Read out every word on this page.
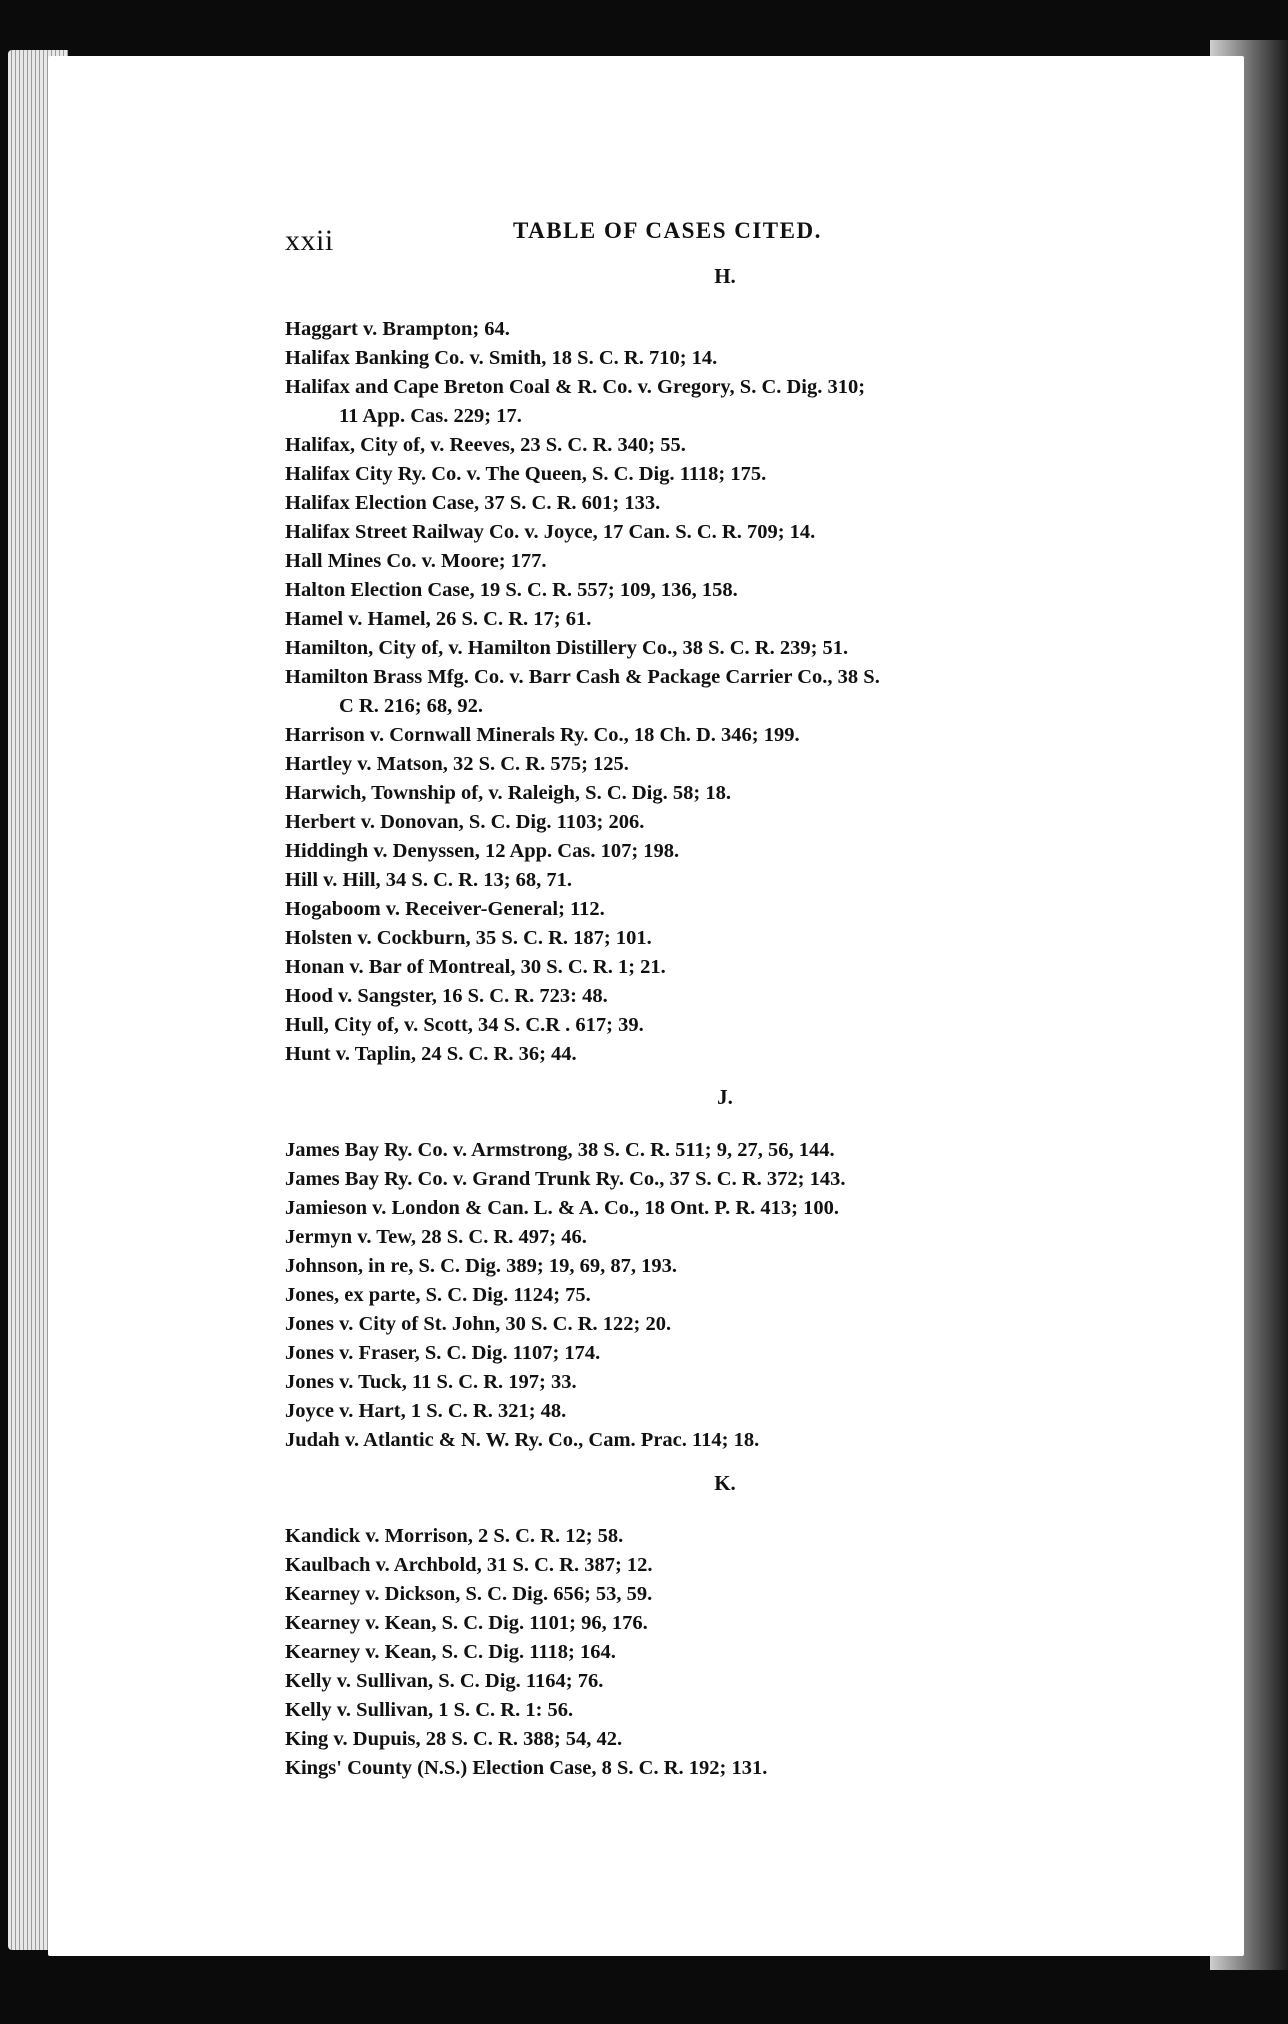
xxii	TABLE OF CASES CITED.
H.
Haggart v. Brampton; 64.
Halifax Banking Co. v. Smith, 18 S. C. R. 710; 14.
Halifax and Cape Breton Coal & R. Co. v. Gregory, S. C. Dig. 310;
11 App. Cas. 229; 17.
Halifax, City of, v. Reeves, 23 S. C. R. 340; 55.
Halifax City Ry. Co. v. The Queen, S. C. Dig. 1118; 175.
Halifax Election Case, 37 S. C. R. 601; 133.
Halifax Street Railway Co. v. Joyce, 17 Can. S. C. R. 709; 14.
Hall Mines Co. v. Moore; 177.
Halton Election Case, 19 S. C. R. 557; 109, 136, 158.
Hamel v. Hamel, 26 S. C. R. 17; 61.
Hamilton, City of, v. Hamilton Distillery Co., 38 S. C. R. 239; 51.
Hamilton Brass Mfg. Co. v. Barr Cash & Package Carrier Co., 38 S.
C R. 216; 68, 92.
Harrison v. Cornwall Minerals Ry. Co., 18 Ch. D. 346; 199.
Hartley v. Matson, 32 S. C. R. 575; 125.
Harwich, Township of, v. Raleigh, S. C. Dig. 58; 18.
Herbert v. Donovan, S. C. Dig. 1103; 206.
Hiddingh v. Denyssen, 12 App. Cas. 107; 198.
Hill v. Hill, 34 S. C. R. 13; 68, 71.
Hogaboom v. Receiver-General; 112.
Holsten v. Cockburn, 35 S. C. R. 187; 101.
Honan v. Bar of Montreal, 30 S. C. R. 1; 21.
Hood v. Sangster, 16 S. C. R. 723: 48.
Hull, City of, v. Scott, 34 S. C.R . 617; 39.
Hunt v. Taplin, 24 S. C. R. 36; 44.
J.
James Bay Ry. Co. v. Armstrong, 38 S. C. R. 511; 9, 27, 56, 144.
James Bay Ry. Co. v. Grand Trunk Ry. Co., 37 S. C. R. 372; 143.
Jamieson v. London & Can. L. & A. Co., 18 Ont. P. R. 413; 100.
Jermyn v. Tew, 28 S. C. R. 497; 46.
Johnson, in re, S. C. Dig. 389; 19, 69, 87, 193.
Jones, ex parte, S. C. Dig. 1124; 75.
Jones v. City of St. John, 30 S. C. R. 122; 20.
Jones v. Fraser, S. C. Dig. 1107; 174.
Jones v. Tuck, 11 S. C. R. 197; 33.
Joyce v. Hart, 1 S. C. R. 321; 48.
Judah v. Atlantic & N. W. Ry. Co., Cam. Prac. 114; 18.
K.
Kandick v. Morrison, 2 S. C. R. 12; 58.
Kaulbach v. Archbold, 31 S. C. R. 387; 12.
Kearney v. Dickson, S. C. Dig. 656; 53, 59.
Kearney v. Kean, S. C. Dig. 1101; 96, 176.
Kearney v. Kean, S. C. Dig. 1118; 164.
Kelly v. Sullivan, S. C. Dig. 1164; 76.
Kelly v. Sullivan, 1 S. C. R. 1: 56.
King v. Dupuis, 28 S. C. R. 388; 54, 42.
Kings' County (N.S.) Election Case, 8 S. C. R. 192; 131.
